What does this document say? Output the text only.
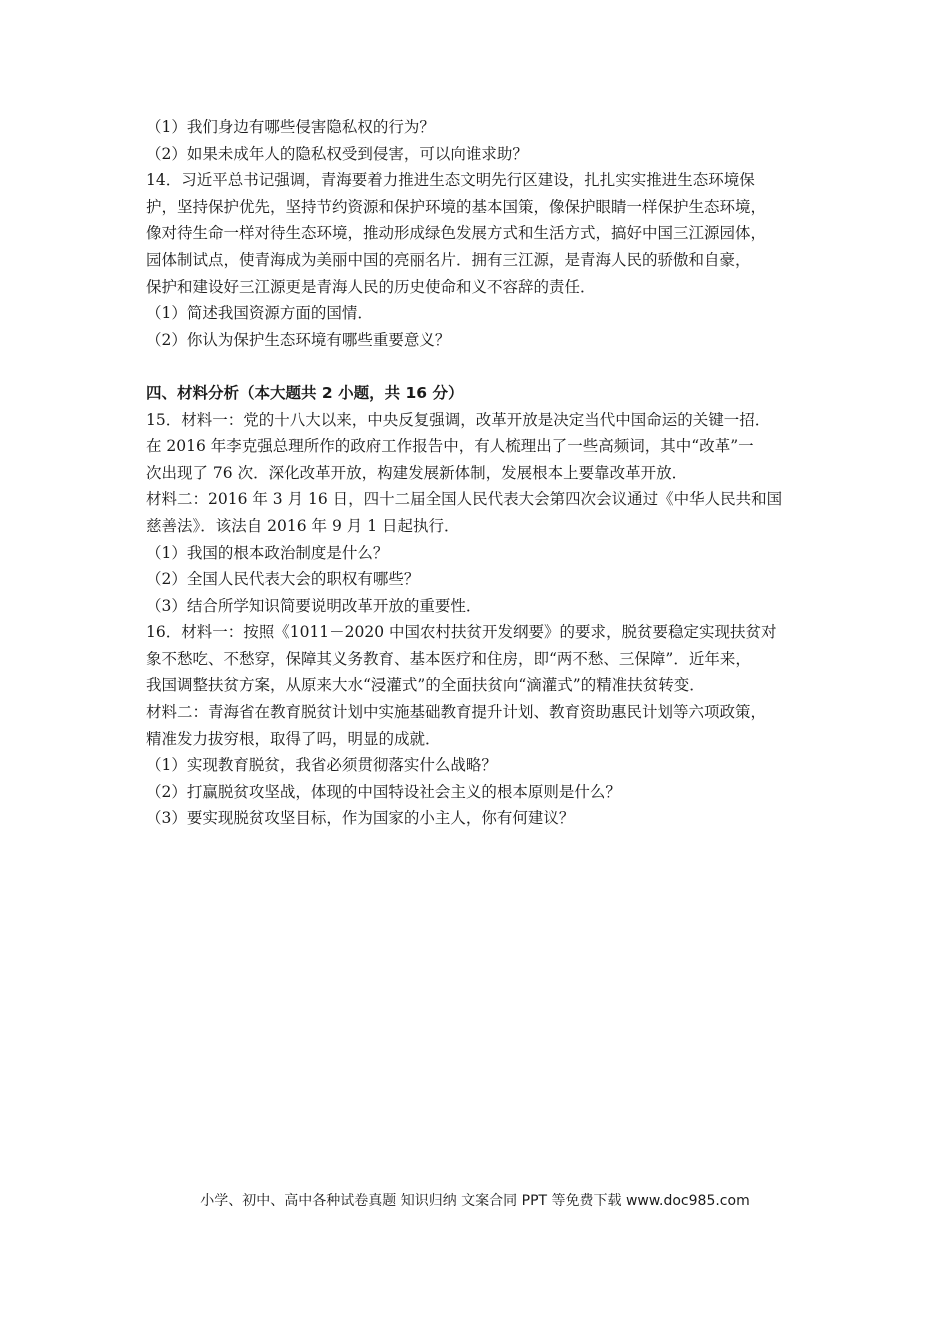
（1）我们身边有哪些侵害隐私权的行为？
（2）如果未成年人的隐私权受到侵害，可以向谁求助？
14．习近平总书记强调，青海要着力推进生态文明先行区建设，扎扎实实推进生态环境保
护，坚持保护优先，坚持节约资源和保护环境的基本国策，像保护眼睛一样保护生态环境，
像对待生命一样对待生态环境，推动形成绿色发展方式和生活方式，搞好中国三江源园体，
园体制试点，使青海成为美丽中国的亮丽名片．拥有三江源，是青海人民的骄傲和自豪，
保护和建设好三江源更是青海人民的历史使命和义不容辞的责任．
（1）简述我国资源方面的国情．
（2）你认为保护生态环境有哪些重要意义？
四、材料分析（本大题共 2 小题，共 16 分）
15．材料一：党的十八大以来，中央反复强调，改革开放是决定当代中国命运的关键一招．
在 2016 年李克强总理所作的政府工作报告中，有人梳理出了一些高频词，其中“改革”一
次出现了 76 次．深化改革开放，构建发展新体制，发展根本上要靠改革开放．
材料二：2016 年 3 月 16 日，四十二届全国人民代表大会第四次会议通过《中华人民共和国
慈善法》．该法自 2016 年 9 月 1 日起执行．
（1）我国的根本政治制度是什么？
（2）全国人民代表大会的职权有哪些？
（3）结合所学知识简要说明改革开放的重要性．
16．材料一：按照《1011－2020 中国农村扶贫开发纲要》的要求，脱贫要稳定实现扶贫对
象不愁吃、不愁穿，保障其义务教育、基本医疗和住房，即“两不愁、三保障”．近年来，
我国调整扶贫方案，从原来大水“浸灌式”的全面扶贫向“滴灌式”的精准扶贫转变．
材料二：青海省在教育脱贫计划中实施基础教育提升计划、教育资助惠民计划等六项政策，
精准发力拔穷根，取得了吗，明显的成就．
（1）实现教育脱贫，我省必须贯彻落实什么战略？
（2）打赢脱贫攻坚战，体现的中国特设社会主义的根本原则是什么？
（3）要实现脱贫攻坚目标，作为国家的小主人，你有何建议？
小学、初中、高中各种试卷真题 知识归纳 文案合同 PPT 等免费下载 www.doc985.com
